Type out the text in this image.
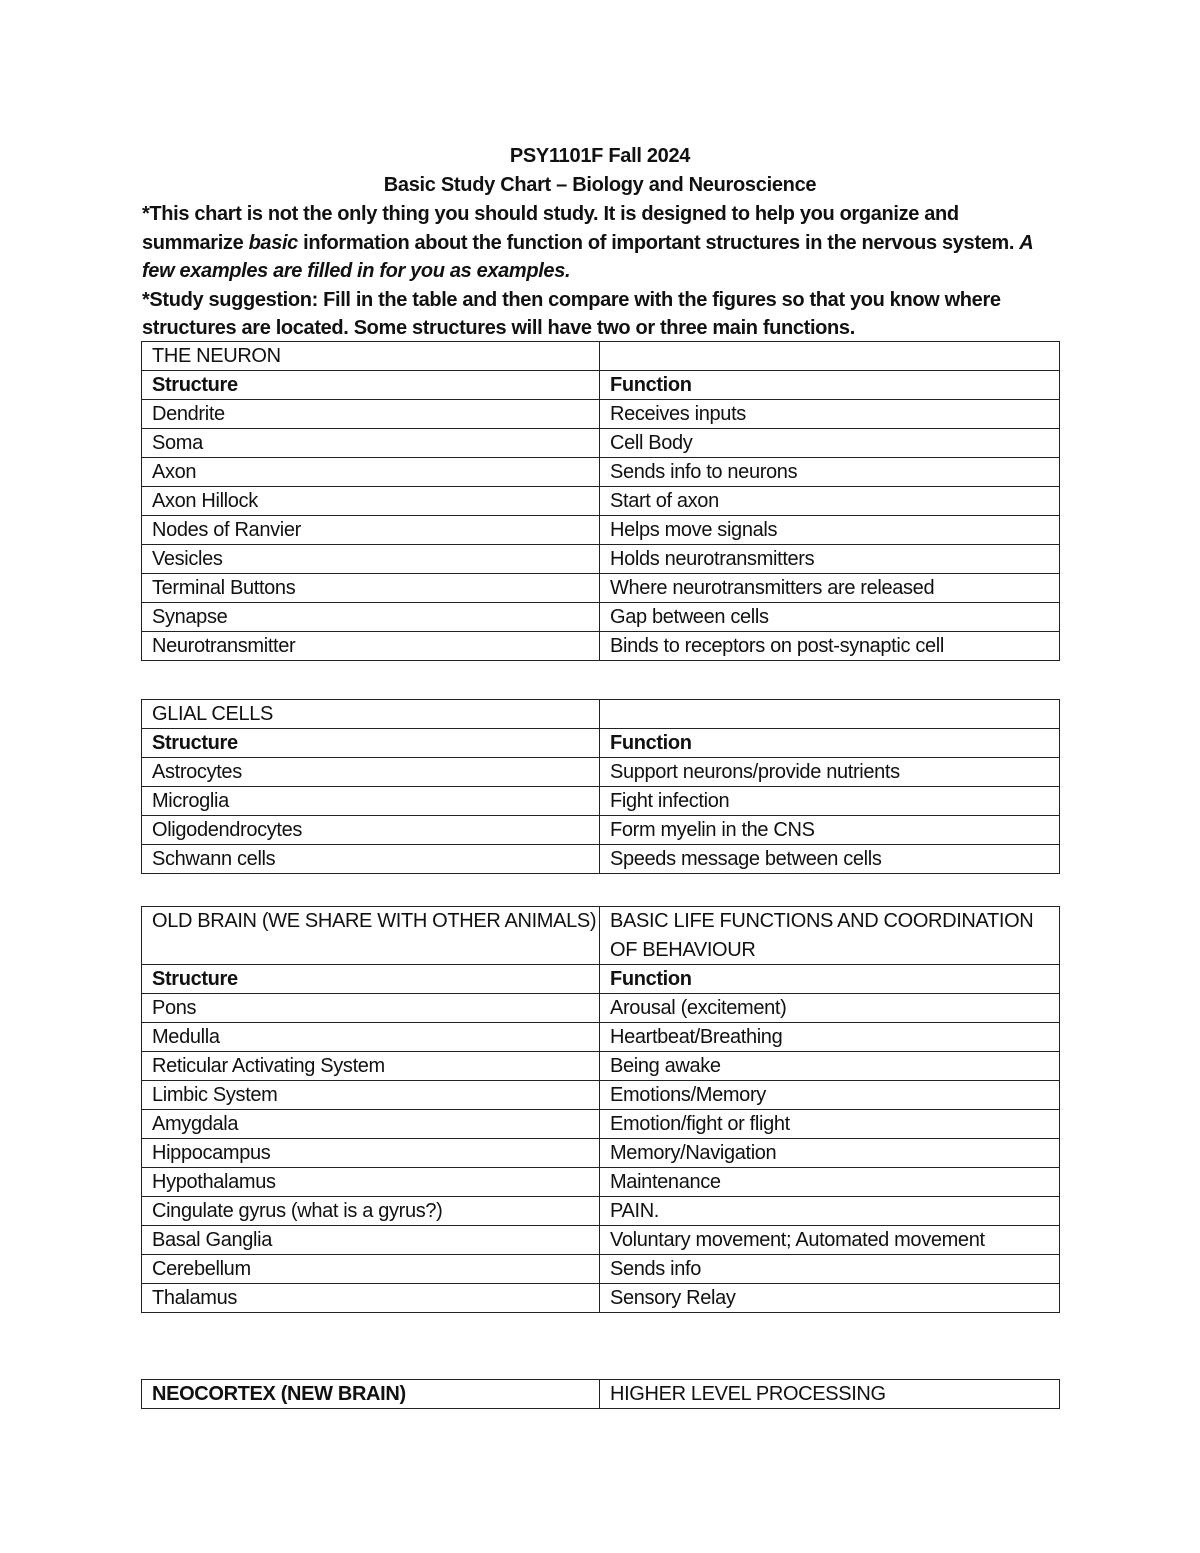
PSY1101F Fall 2024
Basic Study Chart – Biology and Neuroscience
*This chart is not the only thing you should study. It is designed to help you organize and summarize basic information about the function of important structures in the nervous system. A few examples are filled in for you as examples.
*Study suggestion: Fill in the table and then compare with the figures so that you know where structures are located. Some structures will have two or three main functions.
THE NEURON	
Structure	Function
Dendrite	Receives inputs
Soma	Cell Body
Axon	Sends info to neurons
Axon Hillock	Start of axon
Nodes of Ranvier	Helps move signals
Vesicles	Holds neurotransmitters
Terminal Buttons	Where neurotransmitters are released
Synapse	Gap between cells
Neurotransmitter	Binds to receptors on post-synaptic cell
GLIAL CELLS	
Structure	Function
Astrocytes	Support neurons/provide nutrients
Microglia	Fight infection
Oligodendrocytes	Form myelin in the CNS
Schwann cells	Speeds message between cells
OLD BRAIN (WE SHARE WITH OTHER ANIMALS)	BASIC LIFE FUNCTIONS AND COORDINATION OF BEHAVIOUR
Structure	Function
Pons	Arousal (excitement)
Medulla	Heartbeat/Breathing
Reticular Activating System	Being awake
Limbic System	Emotions/Memory
Amygdala	Emotion/fight or flight
Hippocampus	Memory/Navigation
Hypothalamus	Maintenance
Cingulate gyrus (what is a gyrus?)	PAIN.
Basal Ganglia	Voluntary movement; Automated movement
Cerebellum	Sends info
Thalamus	Sensory Relay
NEOCORTEX (NEW BRAIN)	HIGHER LEVEL PROCESSING
